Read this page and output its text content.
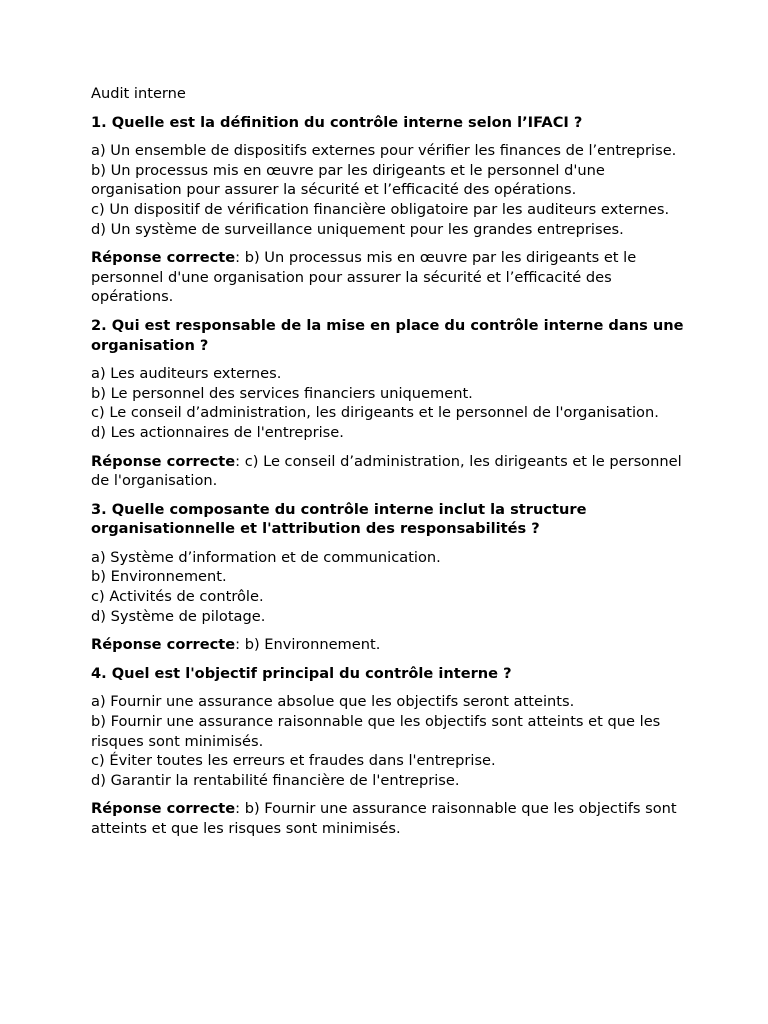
Audit interne
1. Quelle est la définition du contrôle interne selon l’IFACI ?
a) Un ensemble de dispositifs externes pour vérifier les finances de l’entreprise.
b) Un processus mis en œuvre par les dirigeants et le personnel d'une organisation pour assurer la sécurité et l’efficacité des opérations.
c) Un dispositif de vérification financière obligatoire par les auditeurs externes.
d) Un système de surveillance uniquement pour les grandes entreprises.
Réponse correcte: b) Un processus mis en œuvre par les dirigeants et le personnel d'une organisation pour assurer la sécurité et l’efficacité des opérations.
2. Qui est responsable de la mise en place du contrôle interne dans une organisation ?
a) Les auditeurs externes.
b) Le personnel des services financiers uniquement.
c) Le conseil d’administration, les dirigeants et le personnel de l'organisation.
d) Les actionnaires de l'entreprise.
Réponse correcte: c) Le conseil d’administration, les dirigeants et le personnel de l'organisation.
3. Quelle composante du contrôle interne inclut la structure organisationnelle et l'attribution des responsabilités ?
a) Système d’information et de communication.
b) Environnement.
c) Activités de contrôle.
d) Système de pilotage.
Réponse correcte: b) Environnement.
4. Quel est l'objectif principal du contrôle interne ?
a) Fournir une assurance absolue que les objectifs seront atteints.
b) Fournir une assurance raisonnable que les objectifs sont atteints et que les risques sont minimisés.
c) Éviter toutes les erreurs et fraudes dans l'entreprise.
d) Garantir la rentabilité financière de l'entreprise.
Réponse correcte: b) Fournir une assurance raisonnable que les objectifs sont atteints et que les risques sont minimisés.
